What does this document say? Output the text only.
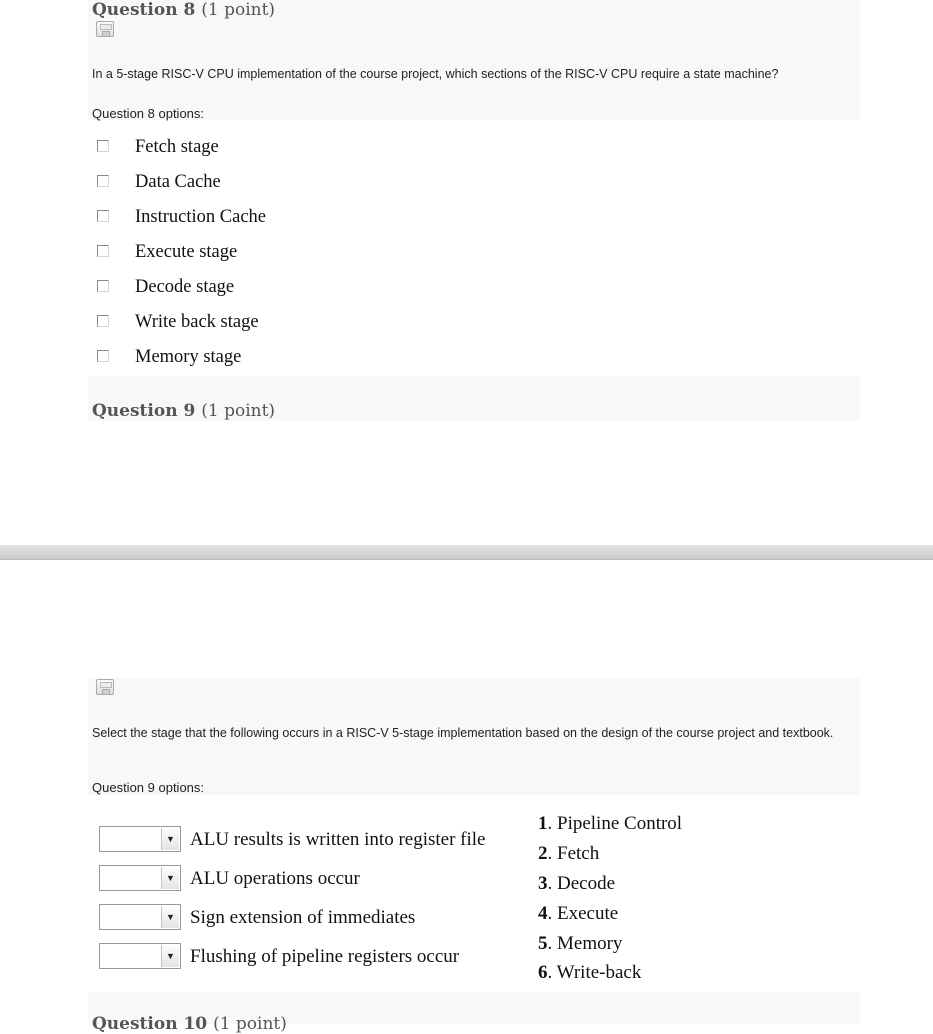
Question 8 (1 point)
In a 5-stage RISC-V CPU implementation of the course project, which sections of the RISC-V CPU require a state machine?
Question 8 options:
Fetch stage
Data Cache
Instruction Cache
Execute stage
Decode stage
Write back stage
Memory stage
Question 9 (1 point)
Select the stage that the following occurs in a RISC-V 5-stage implementation based on the design of the course project and textbook.
Question 9 options:
▼ ALU results is written into register file
▼ ALU operations occur
▼ Sign extension of immediates
▼ Flushing of pipeline registers occur
1. Pipeline Control
2. Fetch
3. Decode
4. Execute
5. Memory
6. Write-back
Question 10 (1 point)
